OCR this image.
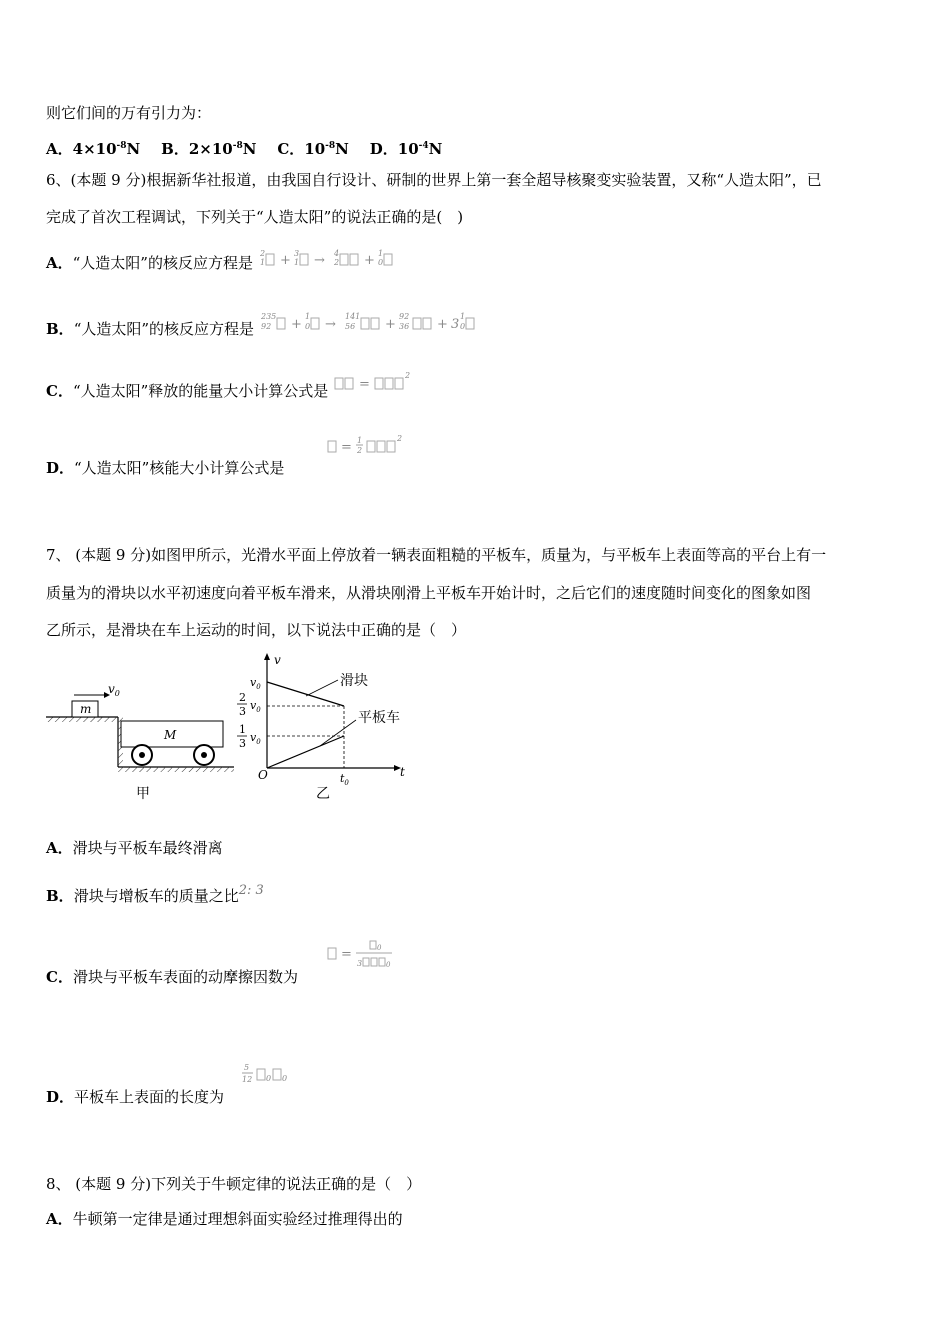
则它们间的万有引力为：
A．$4\times 10^{-8}N$ B．$2\times 10^{-8}N$ C．$10^{-8}N$ D．$10^{-4}N$
6、(本题 9 分)根据新华社报道，由我国自行设计、研制的世界上第一套全超导核聚变实验装置，又称“人造太阳”，已
完成了首次工程调试，下列关于“人造太阳”的说法正确的是(　)
A．“人造太阳”的核反应方程是
2
1 + 3
1 → 4
2 + 1
0
B．“人造太阳”的核反应方程是
235
92 +
1
0 →
141
56 +
92
36 + 3
1
0
C．“人造太阳”释放的能量大小计算公式是 =
2
D．“人造太阳”核能大小计算公式是
= 1
2
2
7、 (本题 9 分)如图甲所示，光滑水平面上停放着一辆表面粗糙的平板车，质量为，与平板车上表面等高的平台上有一
质量为的滑块以水平初速度向着平板车滑来，从滑块刚滑上平板车开始计时，之后它们的速度随时间变化的图象如图
乙所示，是滑块在车上运动的时间，以下说法中正确的是（　）
m
$v_0$
M
甲
v
t
O
$v_0$
2
3 $v_0$
1
3 $v_0$
滑块
平板车
$t_0$
乙
A．滑块与平板车最终滑离
B．滑块与增板车的质量之比2: 3
C．滑块与平板车表面的动摩擦因数为
=	0
3	0
D．平板车上表面的长度为
5
12 0 0
8、 (本题 9 分)下列关于牛顿定律的说法正确的是（　）
A．牛顿第一定律是通过理想斜面实验经过推理得出的
